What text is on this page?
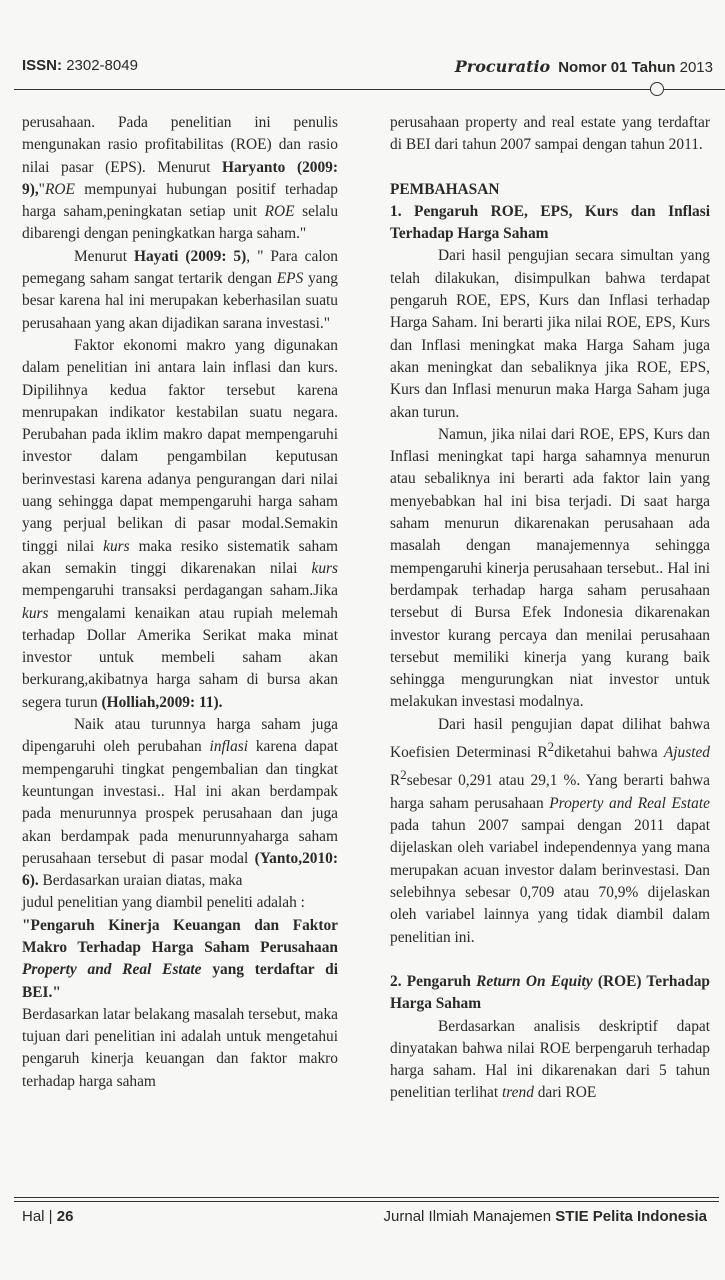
ISSN: 2302-8049	Procuratio Nomor 01 Tahun 2013

perusahaan. Pada penelitian ini penulis mengunakan rasio profitabilitas (ROE) dan rasio nilai pasar (EPS). Menurut Haryanto (2009: 9),"ROE mempunyai hubungan positif terhadap harga saham,peningkatan setiap unit ROE selalu dibarengi dengan peningkatkan harga saham."

Menurut Hayati (2009: 5), " Para calon pemegang saham sangat tertarik dengan EPS yang besar karena hal ini merupakan keberhasilan suatu perusahaan yang akan dijadikan sarana investasi."

Faktor ekonomi makro yang digunakan dalam penelitian ini antara lain inflasi dan kurs. Dipilihnya kedua faktor tersebut karena menrupakan indikator kestabilan suatu negara. Perubahan pada iklim makro dapat mempengaruhi investor dalam pengambilan keputusan berinvestasi karena adanya pengurangan dari nilai uang sehingga dapat mempengaruhi harga saham yang perjual belikan di pasar modal.Semakin tinggi nilai kurs maka resiko sistematik saham akan semakin tinggi dikarenakan nilai kurs mempengaruhi transaksi perdagangan saham.Jika kurs mengalami kenaikan atau rupiah melemah terhadap Dollar Amerika Serikat maka minat investor untuk membeli saham akan berkurang,akibatnya harga saham di bursa akan segera turun (Holliah,2009: 11).

Naik atau turunnya harga saham juga dipengaruhi oleh perubahan inflasi karena dapat mempengaruhi tingkat pengembalian dan tingkat keuntungan investasi.. Hal ini akan berdampak pada menurunnya prospek perusahaan dan juga akan berdampak pada menurunnyaharga saham perusahaan tersebut di pasar modal (Yanto,2010: 6). Berdasarkan uraian diatas, maka

judul penelitian yang diambil peneliti adalah :

"Pengaruh Kinerja Keuangan dan Faktor Makro Terhadap Harga Saham Perusahaan Property and Real Estate yang terdaftar di BEI."

Berdasarkan latar belakang masalah tersebut, maka tujuan dari penelitian ini adalah untuk mengetahui pengaruh kinerja keuangan dan faktor makro terhadap harga saham

perusahaan property and real estate yang terdaftar di BEI dari tahun 2007 sampai dengan tahun 2011.

PEMBAHASAN

1. Pengaruh ROE, EPS, Kurs dan Inflasi Terhadap Harga Saham

Dari hasil pengujian secara simultan yang telah dilakukan, disimpulkan bahwa terdapat pengaruh ROE, EPS, Kurs dan Inflasi terhadap Harga Saham. Ini berarti jika nilai ROE, EPS, Kurs dan Inflasi meningkat maka Harga Saham juga akan meningkat dan sebaliknya jika ROE, EPS, Kurs dan Inflasi menurun maka Harga Saham juga akan turun.

Namun, jika nilai dari ROE, EPS, Kurs dan Inflasi meningkat tapi harga sahamnya menurun atau sebaliknya ini berarti ada faktor lain yang menyebabkan hal ini bisa terjadi. Di saat harga saham menurun dikarenakan perusahaan ada masalah dengan manajemennya sehingga mempengaruhi kinerja perusahaan tersebut.. Hal ini berdampak terhadap harga saham perusahaan tersebut di Bursa Efek Indonesia dikarenakan investor kurang percaya dan menilai perusahaan tersebut memiliki kinerja yang kurang baik sehingga mengurungkan niat investor untuk melakukan investasi modalnya.

Dari hasil pengujian dapat dilihat bahwa Koefisien Determinasi $R^2diketahui$ bahwa Ajusted $R^2sebesar$ 0,291 atau 29,1 %. Yang berarti bahwa harga saham perusahaan Property and Real Estate pada tahun 2007 sampai dengan 2011 dapat dijelaskan oleh variabel independennya yang mana merupakan acuan investor dalam berinvestasi. Dan selebihnya sebesar 0,709 atau 70,9% dijelaskan oleh variabel lainnya yang tidak diambil dalam penelitian ini.

2. Pengaruh Return On Equity (ROE) Terhadap Harga Saham

Berdasarkan analisis deskriptif dapat dinyatakan bahwa nilai ROE berpengaruh terhadap harga saham. Hal ini dikarenakan dari 5 tahun penelitian terlihat trend dari ROE

Hal | 26	Jurnal Ilmiah Manajemen STIE Pelita Indonesia
